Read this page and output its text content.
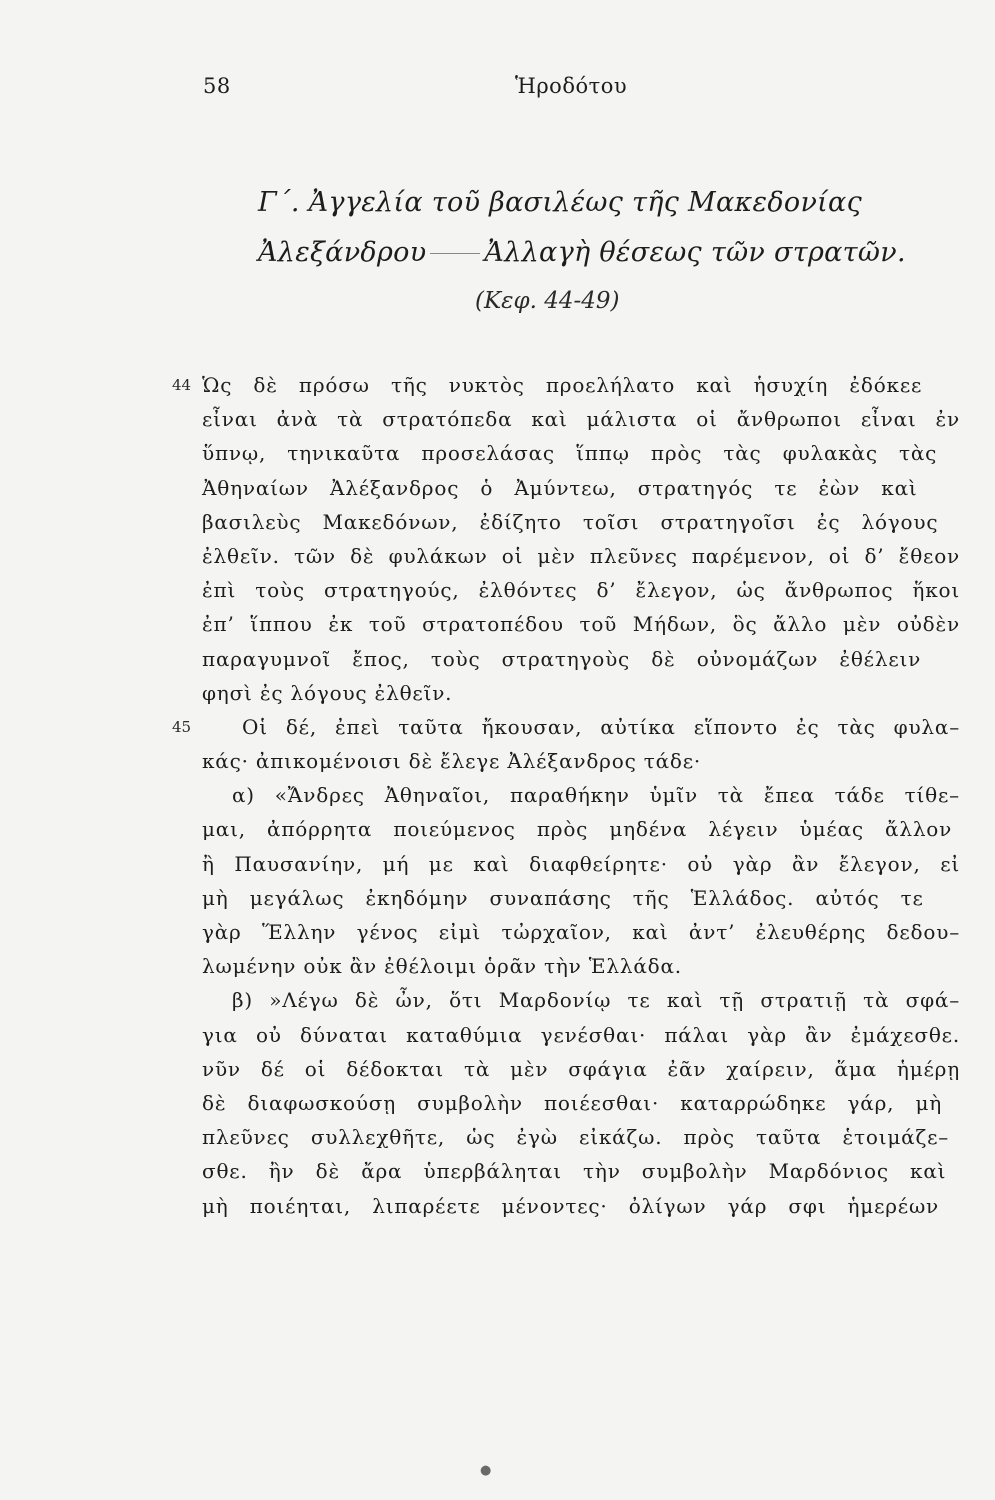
58	Ἡροδότου
Γ΄. Ἀγγελία τοῦ βασιλέως τῆς Μακεδονίας
Ἀλεξάνδρου Ἀλλαγὴ θέσεως τῶν στρατῶν.
(Κεφ. 44-49)
44 Ὡς δὲ πρόσω τῆς νυκτὸς προελήλατο καὶ ἡσυχίη ἐδόκεε
εἶναι ἀνὰ τὰ στρατόπεδα καὶ μάλιστα οἱ ἄνθρωποι εἶναι ἐν
ὕπνῳ, τηνικαῦτα προσελάσας ἵππῳ πρὸς τὰς φυλακὰς τὰς
Ἀθηναίων Ἀλέξανδρος ὁ Ἀμύντεω, στρατηγός τε ἐὼν καὶ
βασιλεὺς Μακεδόνων, ἐδίζητο τοῖσι στρατηγοῖσι ἐς λόγους
ἐλθεῖν. τῶν δὲ φυλάκων οἱ μὲν πλεῦνες παρέμενον, οἱ δ’ ἔθεον
ἐπὶ τοὺς στρατηγούς, ἐλθόντες δ’ ἔλεγον, ὡς ἄνθρωπος ἥκοι
ἐπ’ ἵππου ἐκ τοῦ στρατοπέδου τοῦ Μήδων, ὃς ἄλλο μὲν οὐδὲν
παραγυμνοῖ ἔπος, τοὺς στρατηγοὺς δὲ οὐνομάζων ἐθέλειν
φησὶ ἐς λόγους ἐλθεῖν.
45	Οἱ δέ, ἐπεὶ ταῦτα ἤκουσαν, αὐτίκα εἵποντο ἐς τὰς φυλα–
κάς· ἀπικομένοισι δὲ ἔλεγε Ἀλέξανδρος τάδε·
α) «Ἄνδρες Ἀθηναῖοι, παραθήκην ὑμῖν τὰ ἔπεα τάδε τίθε–
μαι, ἀπόρρητα ποιεύμενος πρὸς μηδένα λέγειν ὑμέας ἄλλον
ἢ Παυσανίην, μή με καὶ διαφθείρητε· οὐ γὰρ ἂν ἔλεγον, εἰ
μὴ μεγάλως ἐκηδόμην συναπάσης τῆς Ἑλλάδος. αὐτός τε
γὰρ Ἕλλην γένος εἰμὶ τὠρχαῖον, καὶ ἀντ’ ἐλευθέρης δεδου–
λωμένην οὐκ ἂν ἐθέλοιμι ὁρᾶν τὴν Ἑλλάδα.
β) »Λέγω δὲ ὦν, ὅτι Μαρδονίῳ τε καὶ τῇ στρατιῇ τὰ σφά–
για οὐ δύναται καταθύμια γενέσθαι· πάλαι γὰρ ἂν ἐμάχεσθε.
νῦν δέ οἱ δέδοκται τὰ μὲν σφάγια ἐᾶν χαίρειν, ἅμα ἡμέρῃ
δὲ διαφωσκούσῃ συμβολὴν ποιέεσθαι· καταρρώδηκε γάρ, μὴ
πλεῦνες συλλεχθῆτε, ὡς ἐγὼ εἰκάζω. πρὸς ταῦτα ἑτοιμάζε–
σθε. ἢν δὲ ἄρα ὑπερβάληται τὴν συμβολὴν Μαρδόνιος καὶ
μὴ ποιέηται, λιπαρέετε μένοντες· ὀλίγων γάρ σφι ἡμερέων
●
